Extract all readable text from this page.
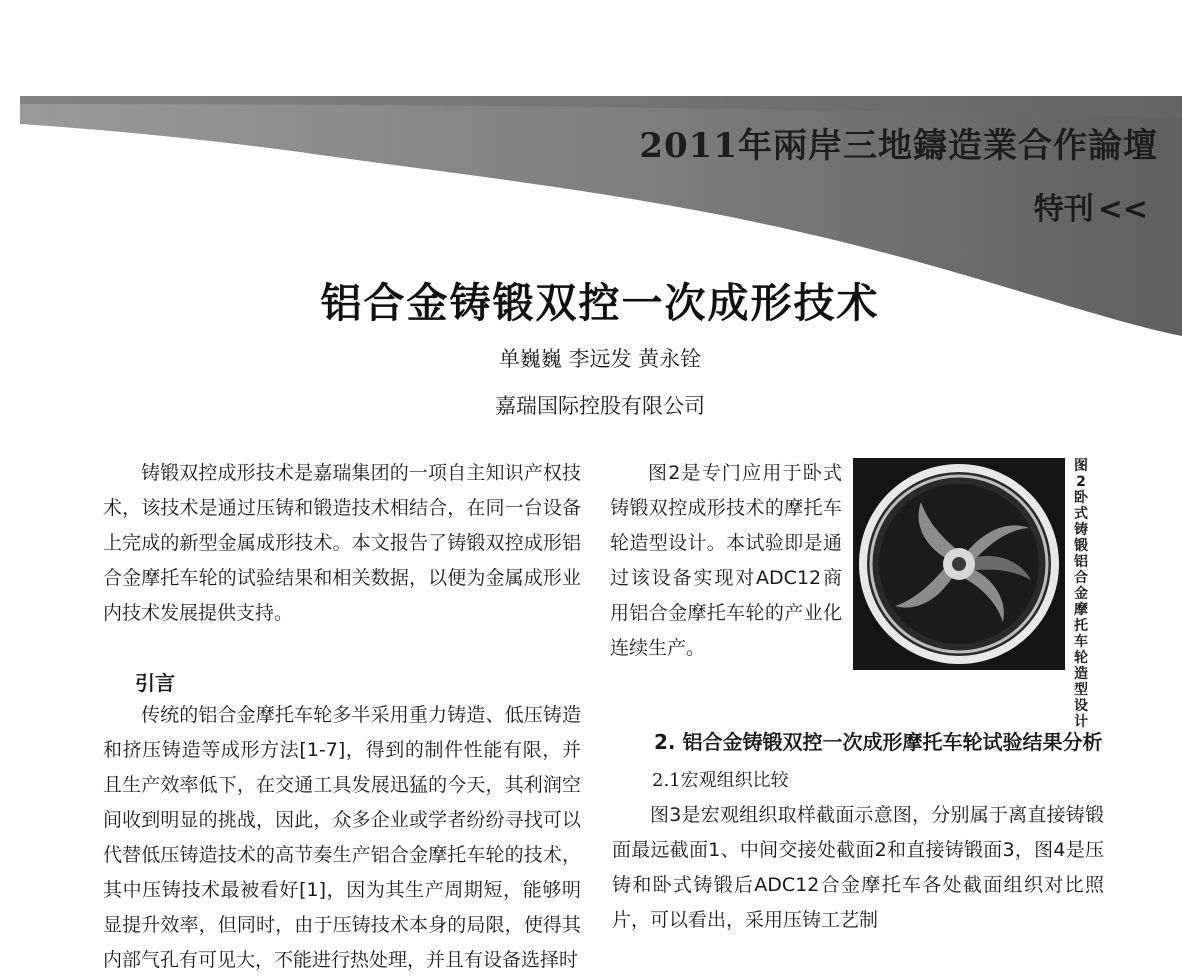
2011年兩岸三地鑄造業合作論壇
特刊 <<
铝合金铸锻双控一次成形技术
单巍巍 李远发 黄永铨
嘉瑞国际控股有限公司

铸锻双控成形技术是嘉瑞集团的一项自主知识产权技术，该技术是通过压铸和锻造技术相结合，在同一台设备上完成的新型金属成形技术。本文报告了铸锻双控成形铝合金摩托车轮的试验结果和相关数据，以便为金属成形业内技术发展提供支持。

引言

传统的铝合金摩托车轮多半采用重力铸造、低压铸造和挤压铸造等成形方法[1-7]，得到的制件性能有限，并且生产效率低下，在交通工具发展迅猛的今天，其利润空间收到明显的挑战，因此，众多企业或学者纷纷寻找可以代替低压铸造技术的高节奏生产铝合金摩托车轮的技术，其中压铸技术最被看好[1]，因为其生产周期短，能够明显提升效率，但同时，由于压铸技术本身的局限，使得其内部气孔有可见大，不能进行热处理，并且有设备选择时

图2是专门应用于卧式铸锻双控成形技术的摩托车轮造型设计。本试验即是通过该设备实现对ADC12商用铝合金摩托车轮的产业化连续生产。

图2卧式铸锻铝合金摩托车轮造型设计
2. 铝合金铸锻双控一次成形摩托车轮试验结果分析
2.1宏观组织比较

图3是宏观组织取样截面示意图，分别属于离直接铸锻面最远截面1、中间交接处截面2和直接铸锻面3，图4是压铸和卧式铸锻后ADC12合金摩托车各处截面组织对比照片，可以看出，采用压铸工艺制
